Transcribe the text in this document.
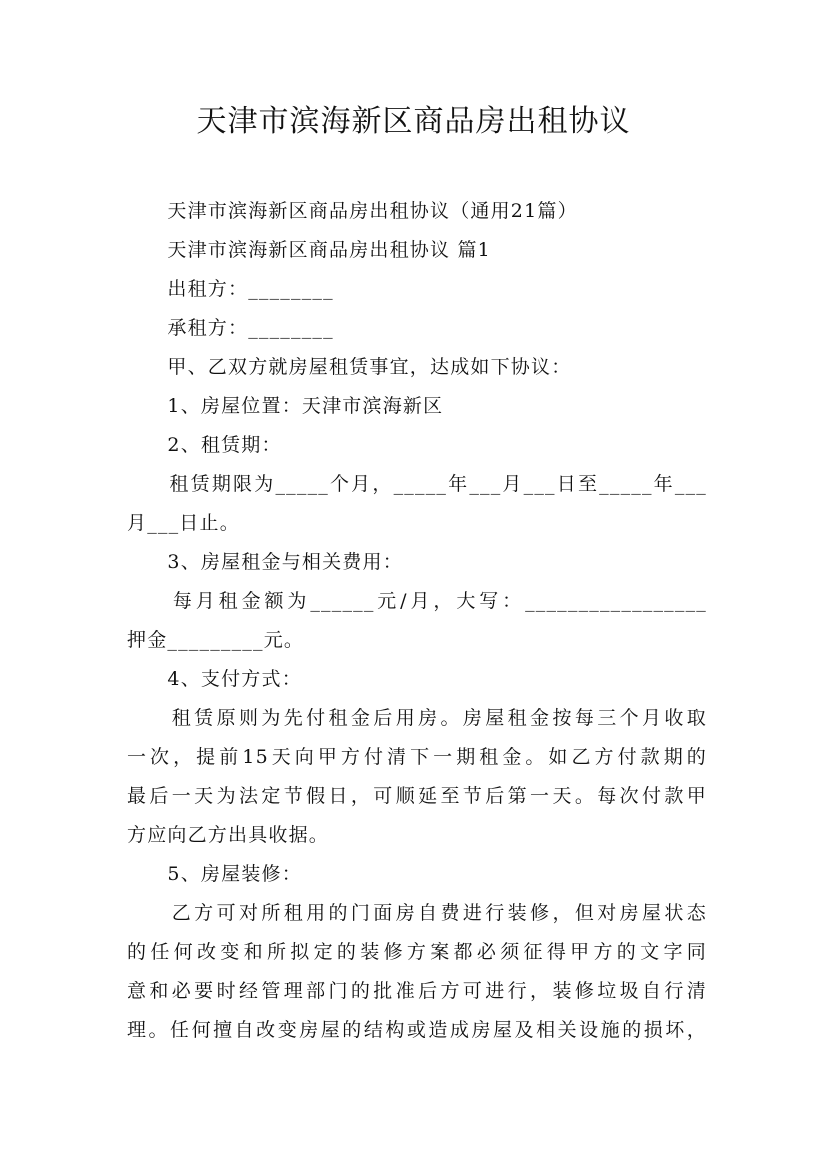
天津市滨海新区商品房出租协议
　　天津市滨海新区商品房出租协议（通用21篇）
　　天津市滨海新区商品房出租协议 篇1
　　出租方：________
　　承租方：________
　　甲、乙双方就房屋租赁事宜，达成如下协议：
　　1、房屋位置：天津市滨海新区
　　2、租赁期：
　　租赁期限为_____个月，_____年___月___日至_____年___
月___日止。
　　3、房屋租金与相关费用：
　　每月租金额为______元/月，大写：_________________
押金_________元。
　　4、支付方式：
　　租赁原则为先付租金后用房。房屋租金按每三个月收取
一次，提前15天向甲方付清下一期租金。如乙方付款期的
最后一天为法定节假日，可顺延至节后第一天。每次付款甲
方应向乙方出具收据。
　　5、房屋装修：
　　乙方可对所租用的门面房自费进行装修，但对房屋状态
的任何改变和所拟定的装修方案都必须征得甲方的文字同
意和必要时经管理部门的批准后方可进行，装修垃圾自行清
理。任何擅自改变房屋的结构或造成房屋及相关设施的损坏，
